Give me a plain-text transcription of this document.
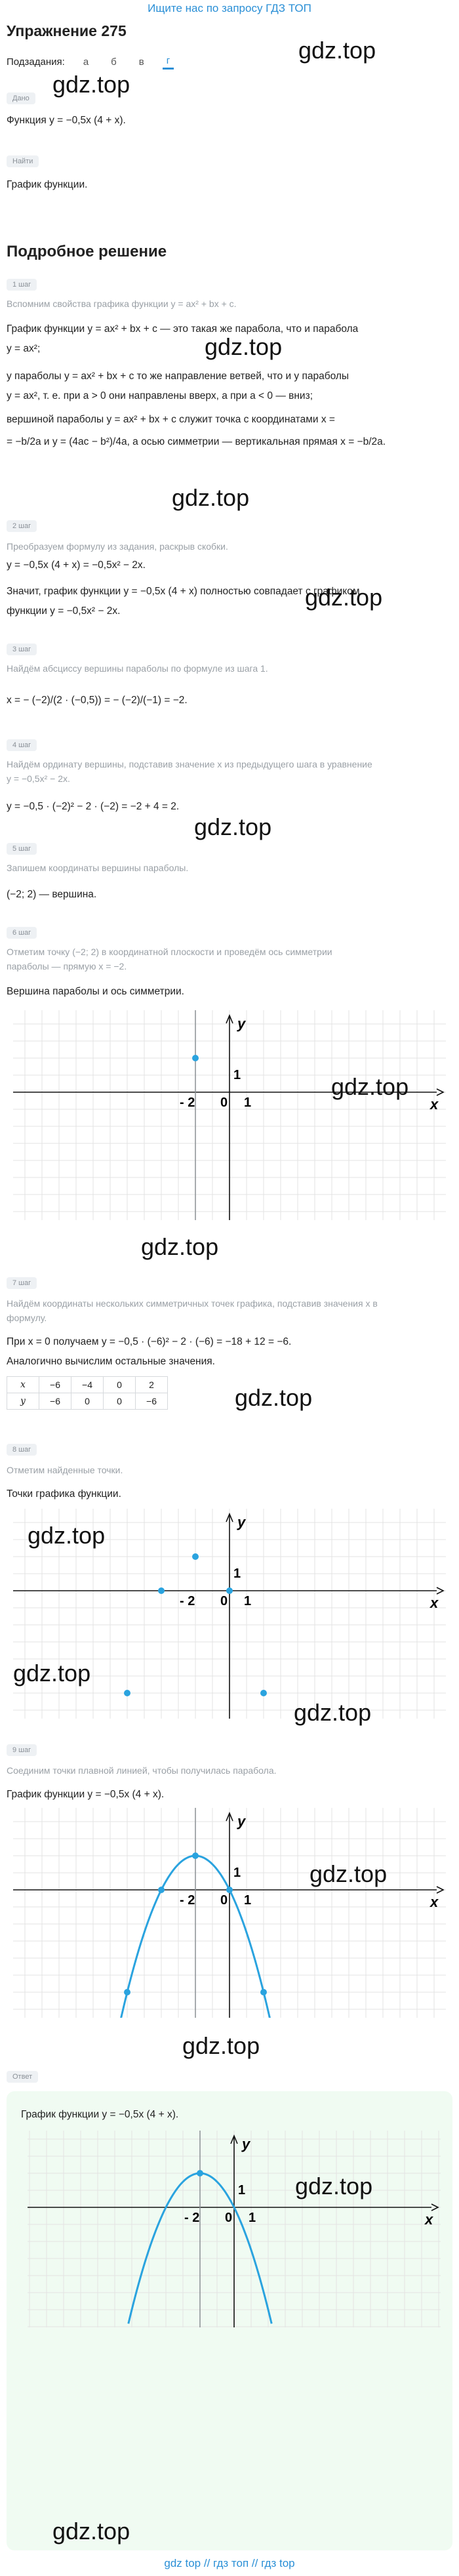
Ищите нас по запросу ГДЗ ТОП
Упражнение 275
Подзадания:	а	б	в	г	gdz.top
gdz.top
Дано
Функция y = −0,5x (4 + x).
Найти
График функции.
Подробное решение
1 шаг
Вспомним свойства графика функции y = ax² + bx + c.
График функции y = ax² + bx + c — это такая же парабола, что и парабола
gdz.top
y = ax²;
у параболы y = ax² + bx + c то же направление ветвей, что и у параболы
y = ax², т. е. при a > 0 они направлены вверх, а при a < 0 — вниз;
вершиной параболы y = ax² + bx + c служит точка с координатами x =
= −b/2a и y = (4ac − b²)/4a, а осью симметрии — вертикальная прямая x = −b/2a.
gdz.top
2 шаг
Преобразуем формулу из задания, раскрыв скобки.
y = −0,5x (4 + x) = −0,5x² − 2x.
Значит, график функции y = −0,5x (4 + x) полностью совпадает с графиком
функции y = −0,5x² − 2x.
gdz.top
3 шаг
Найдём абсциссу вершины параболы по формуле из шага 1.
x = − (−2)/(2 · (−0,5)) = − (−2)/(−1) = −2.
4 шаг
Найдём ординату вершины, подставив значение x из предыдущего шага в уравнение
y = −0,5x² − 2x.
y = −0,5 · (−2)² − 2 · (−2) = −2 + 4 = 2.
gdz.top
5 шаг
Запишем координаты вершины параболы.
(−2; 2) — вершина.
6 шаг
Отметим точку (−2; 2) в координатной плоскости и проведём ось симметрии
параболы — прямую x = −2.
Вершина параболы и ось симметрии.
x
y
1
1
0
- 2
gdz.top
gdz.top
7 шаг
Найдём координаты нескольких симметричных точек графика, подставив значения x в
формулу.
При x = 0 получаем y = −0,5 · (−6)² − 2 · (−6) = −18 + 12 = −6.
Аналогично вычислим остальные значения.
gdz.top
x	−6	−4	0	2
y	−6	0	0	−6
8 шаг
Отметим найденные точки.
Точки графика функции.
x
y
1
1
0
- 2
gdz.top
gdz.top
gdz.top
9 шаг
Соединим точки плавной линией, чтобы получилась парабола.
График функции y = −0,5x (4 + x).
x
y
1
1
0
- 2
gdz.top
gdz.top
Ответ
График функции y = −0,5x (4 + x).
x
y
1
1
0
- 2
gdz.top
gdz.top
gdz top // гдз топ // гдз top
